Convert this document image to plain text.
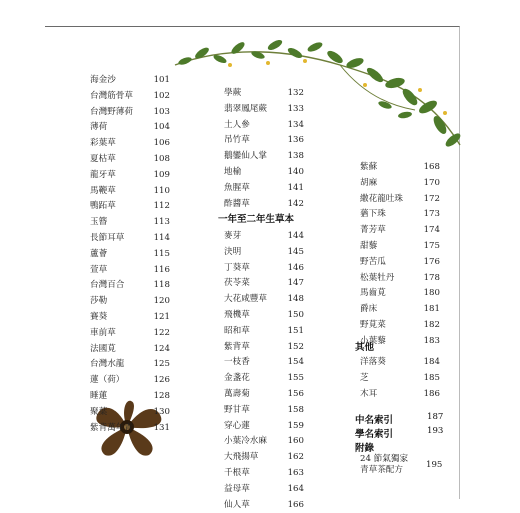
海金沙	101
台灣筋骨草	102
台灣野薄荷	103
薄荷	104
彩葉草	106
夏枯草	108
龍牙草	109
馬鞭草	110
鴨跖草	112
玉簪	113
長節耳草	114
蘆薈	115
萱草	116
台灣百合	118
莎勒	120
賽葵	121
車前草	122
法國莧	124
台灣水龍	125
蓮（荷）	126
睡蓮	128
聚葉	130
紫背萬年青	131
學蕨	132
翡翠鳳尾蕨	133
土人參	134
吊竹草	136
鵝鑾仙人掌	138
地榆	140
魚腥草	141
酢醬草	142
一年至二年生草本
麥芽	144
決明	145
丁葵草	146
茯苓菜	147
大花咸豐草	148
飛機草	150
昭和草	151
紫背草	152
一枝香	154
金盞花	155
萬壽菊	156
野甘草	158
穿心蓮	159
小葉冷水麻	160
大飛揚草	162
千根草	163
益母草	164
仙人草	166
紫蘇	168
胡麻	170
繖花龍吐珠	172
蕕下珠	173
菁芳草	174
甜藜	175
野苦瓜	176
松葉牡丹	178
馬齒莧	180
爵床	181
野莧菜	182
小葉藜	183
其他
洋落葵	184
芝	185
木耳	186
中名索引	187
學名索引	193
附錄
24 節氣獨家
青草茶配方	195
